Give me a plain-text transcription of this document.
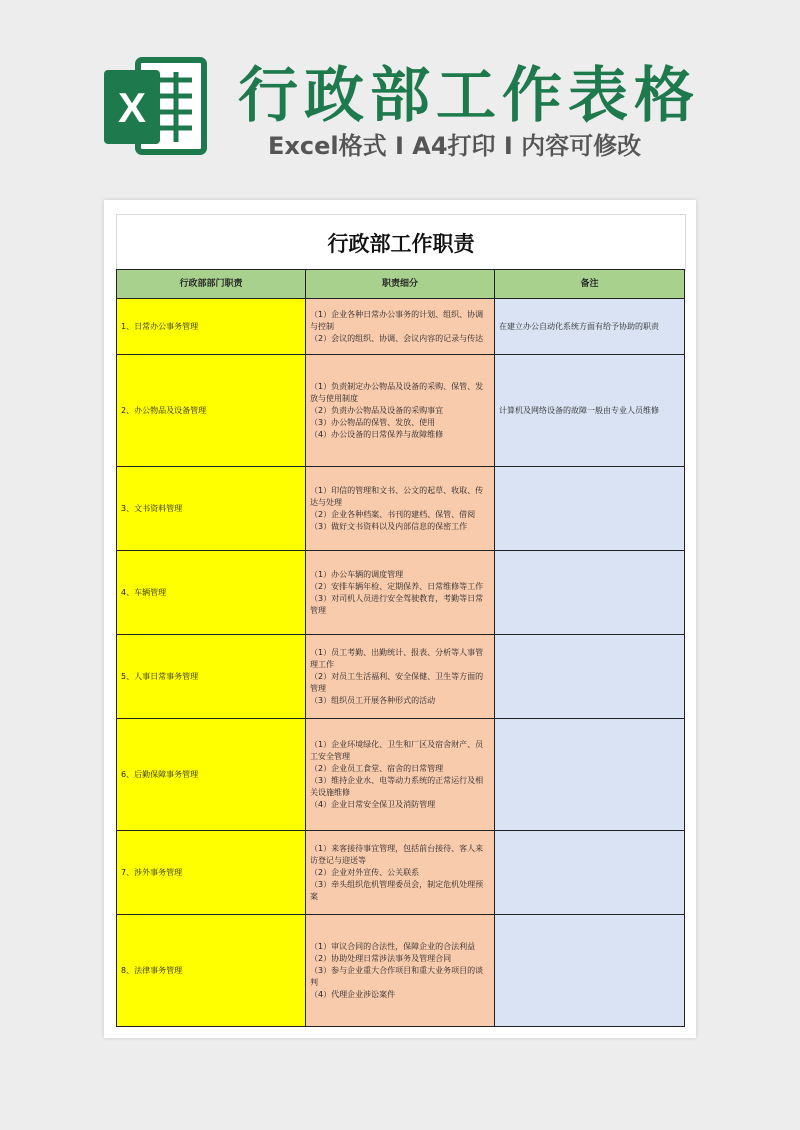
X 行政部工作表格
Excel格式 I A4打印 I 内容可修改
行政部工作职责
行政部部门职责	职责细分	备注
1、日常办公事务管理	（1）企业各种日常办公事务的计划、组织、协调与控制
（2）会议的组织、协调、会议内容的记录与传达	在建立办公自动化系统方面有给予协助的职责
2、办公物品及设备管理	（1）负责制定办公物品及设备的采购、保管、发放与使用制度
（2）负责办公物品及设备的采购事宜
（3）办公物品的保管、发放、使用
（4）办公设备的日常保养与故障维修	计算机及网络设备的故障一般由专业人员维修
3、文书资料管理	（1）印信的管理和文书、公文的起草、收取、传达与处理
（2）企业各种档案、书刊的建档、保管、借阅
（3）做好文书资料以及内部信息的保密工作	

4、车辆管理	（1）办公车辆的调度管理
（2）安排车辆年检、定期保养、日常维修等工作
（3）对司机人员进行安全驾驶教育，考勤等日常管理	

5、人事日常事务管理	（1）员工考勤、出勤统计、报表、分析等人事管理工作
（2）对员工生活福利、安全保健、卫生等方面的管理
（3）组织员工开展各种形式的活动	

6、后勤保障事务管理	（1）企业环境绿化、卫生和厂区及宿舍财产、员工安全管理
（2）企业员工食堂、宿舍的日常管理
（3）维持企业水、电等动力系统的正常运行及相关设施维修
（4）企业日常安全保卫及消防管理	

7、涉外事务管理	（1）来客接待事宜管理，包括前台接待、客人来访登记与迎送等
（2）企业对外宣传、公关联系
（3）牵头组织危机管理委员会，制定危机处理预案	

8、法律事务管理	（1）审议合同的合法性，保障企业的合法利益
（2）协助处理日常涉法事务及管理合同
（3）参与企业重大合作项目和重大业务项目的谈判
（4）代理企业涉讼案件	
